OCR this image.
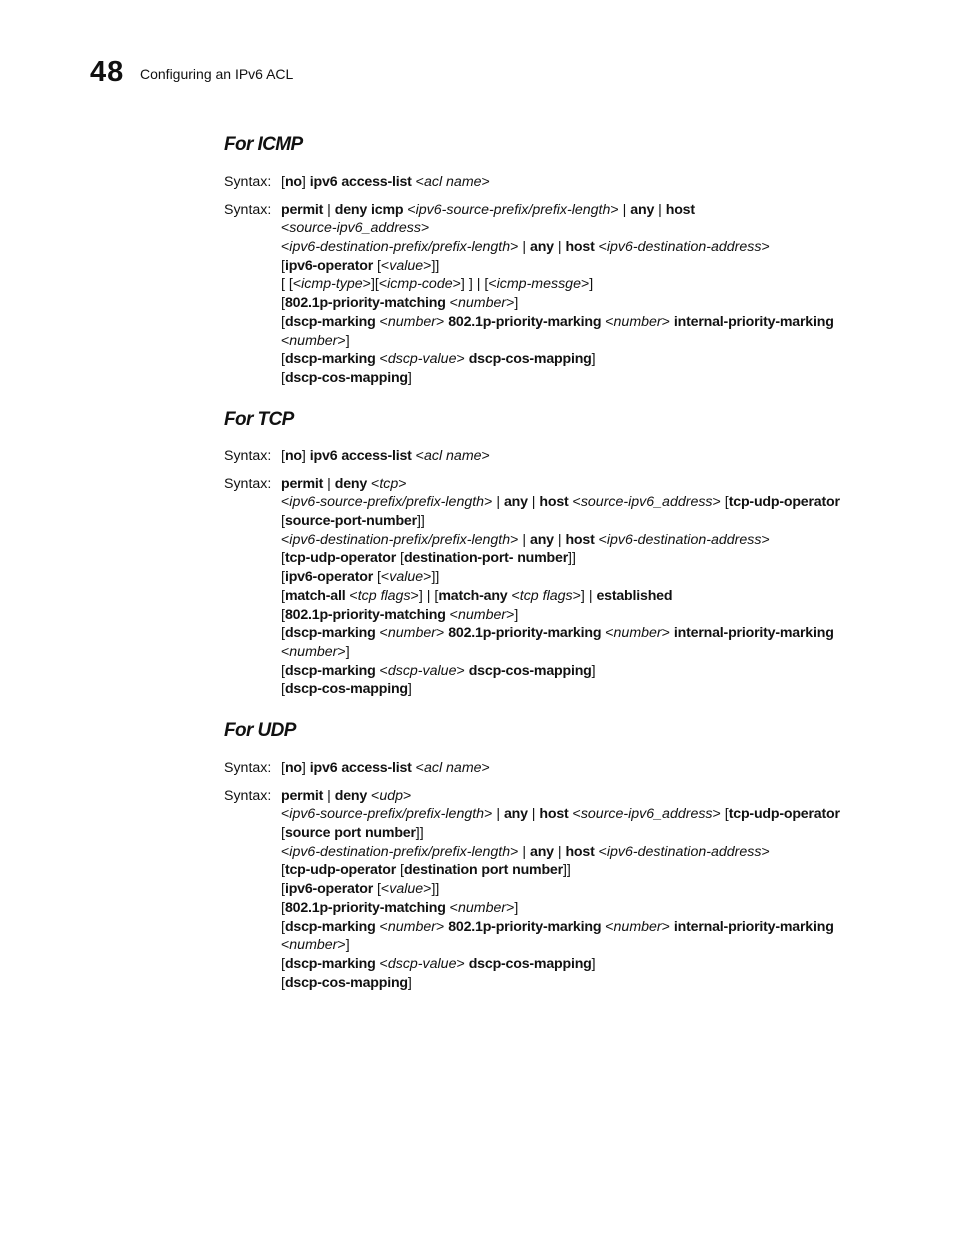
48 Configuring an IPv6 ACL
For ICMP
Syntax: [no] ipv6 access-list <acl name>
Syntax: permit | deny icmp <ipv6-source-prefix/prefix-length> | any | host
<source-ipv6_address>
<ipv6-destination-prefix/prefix-length> | any | host <ipv6-destination-address>
[ipv6-operator [<value>]]
[ [<icmp-type>][<icmp-code>] ] | [<icmp-messge>]
[802.1p-priority-matching <number>]
[dscp-marking <number> 802.1p-priority-marking <number> internal-priority-marking
<number>]
[dscp-marking <dscp-value> dscp-cos-mapping]
[dscp-cos-mapping]
For TCP
Syntax: [no] ipv6 access-list <acl name>
Syntax: permit | deny <tcp>
<ipv6-source-prefix/prefix-length> | any | host <source-ipv6_address> [tcp-udp-operator
[source-port-number]]
<ipv6-destination-prefix/prefix-length> | any | host <ipv6-destination-address>
[tcp-udp-operator [destination-port- number]]
[ipv6-operator [<value>]]
[match-all <tcp flags>] | [match-any <tcp flags>] | established
[802.1p-priority-matching <number>]
[dscp-marking <number> 802.1p-priority-marking <number> internal-priority-marking
<number>]
[dscp-marking <dscp-value> dscp-cos-mapping]
[dscp-cos-mapping]
For UDP
Syntax: [no] ipv6 access-list <acl name>
Syntax: permit | deny <udp>
<ipv6-source-prefix/prefix-length> | any | host <source-ipv6_address> [tcp-udp-operator
[source port number]]
<ipv6-destination-prefix/prefix-length> | any | host <ipv6-destination-address>
[tcp-udp-operator [destination port number]]
[ipv6-operator [<value>]]
[802.1p-priority-matching <number>]
[dscp-marking <number> 802.1p-priority-marking <number> internal-priority-marking
<number>]
[dscp-marking <dscp-value> dscp-cos-mapping]
[dscp-cos-mapping]
